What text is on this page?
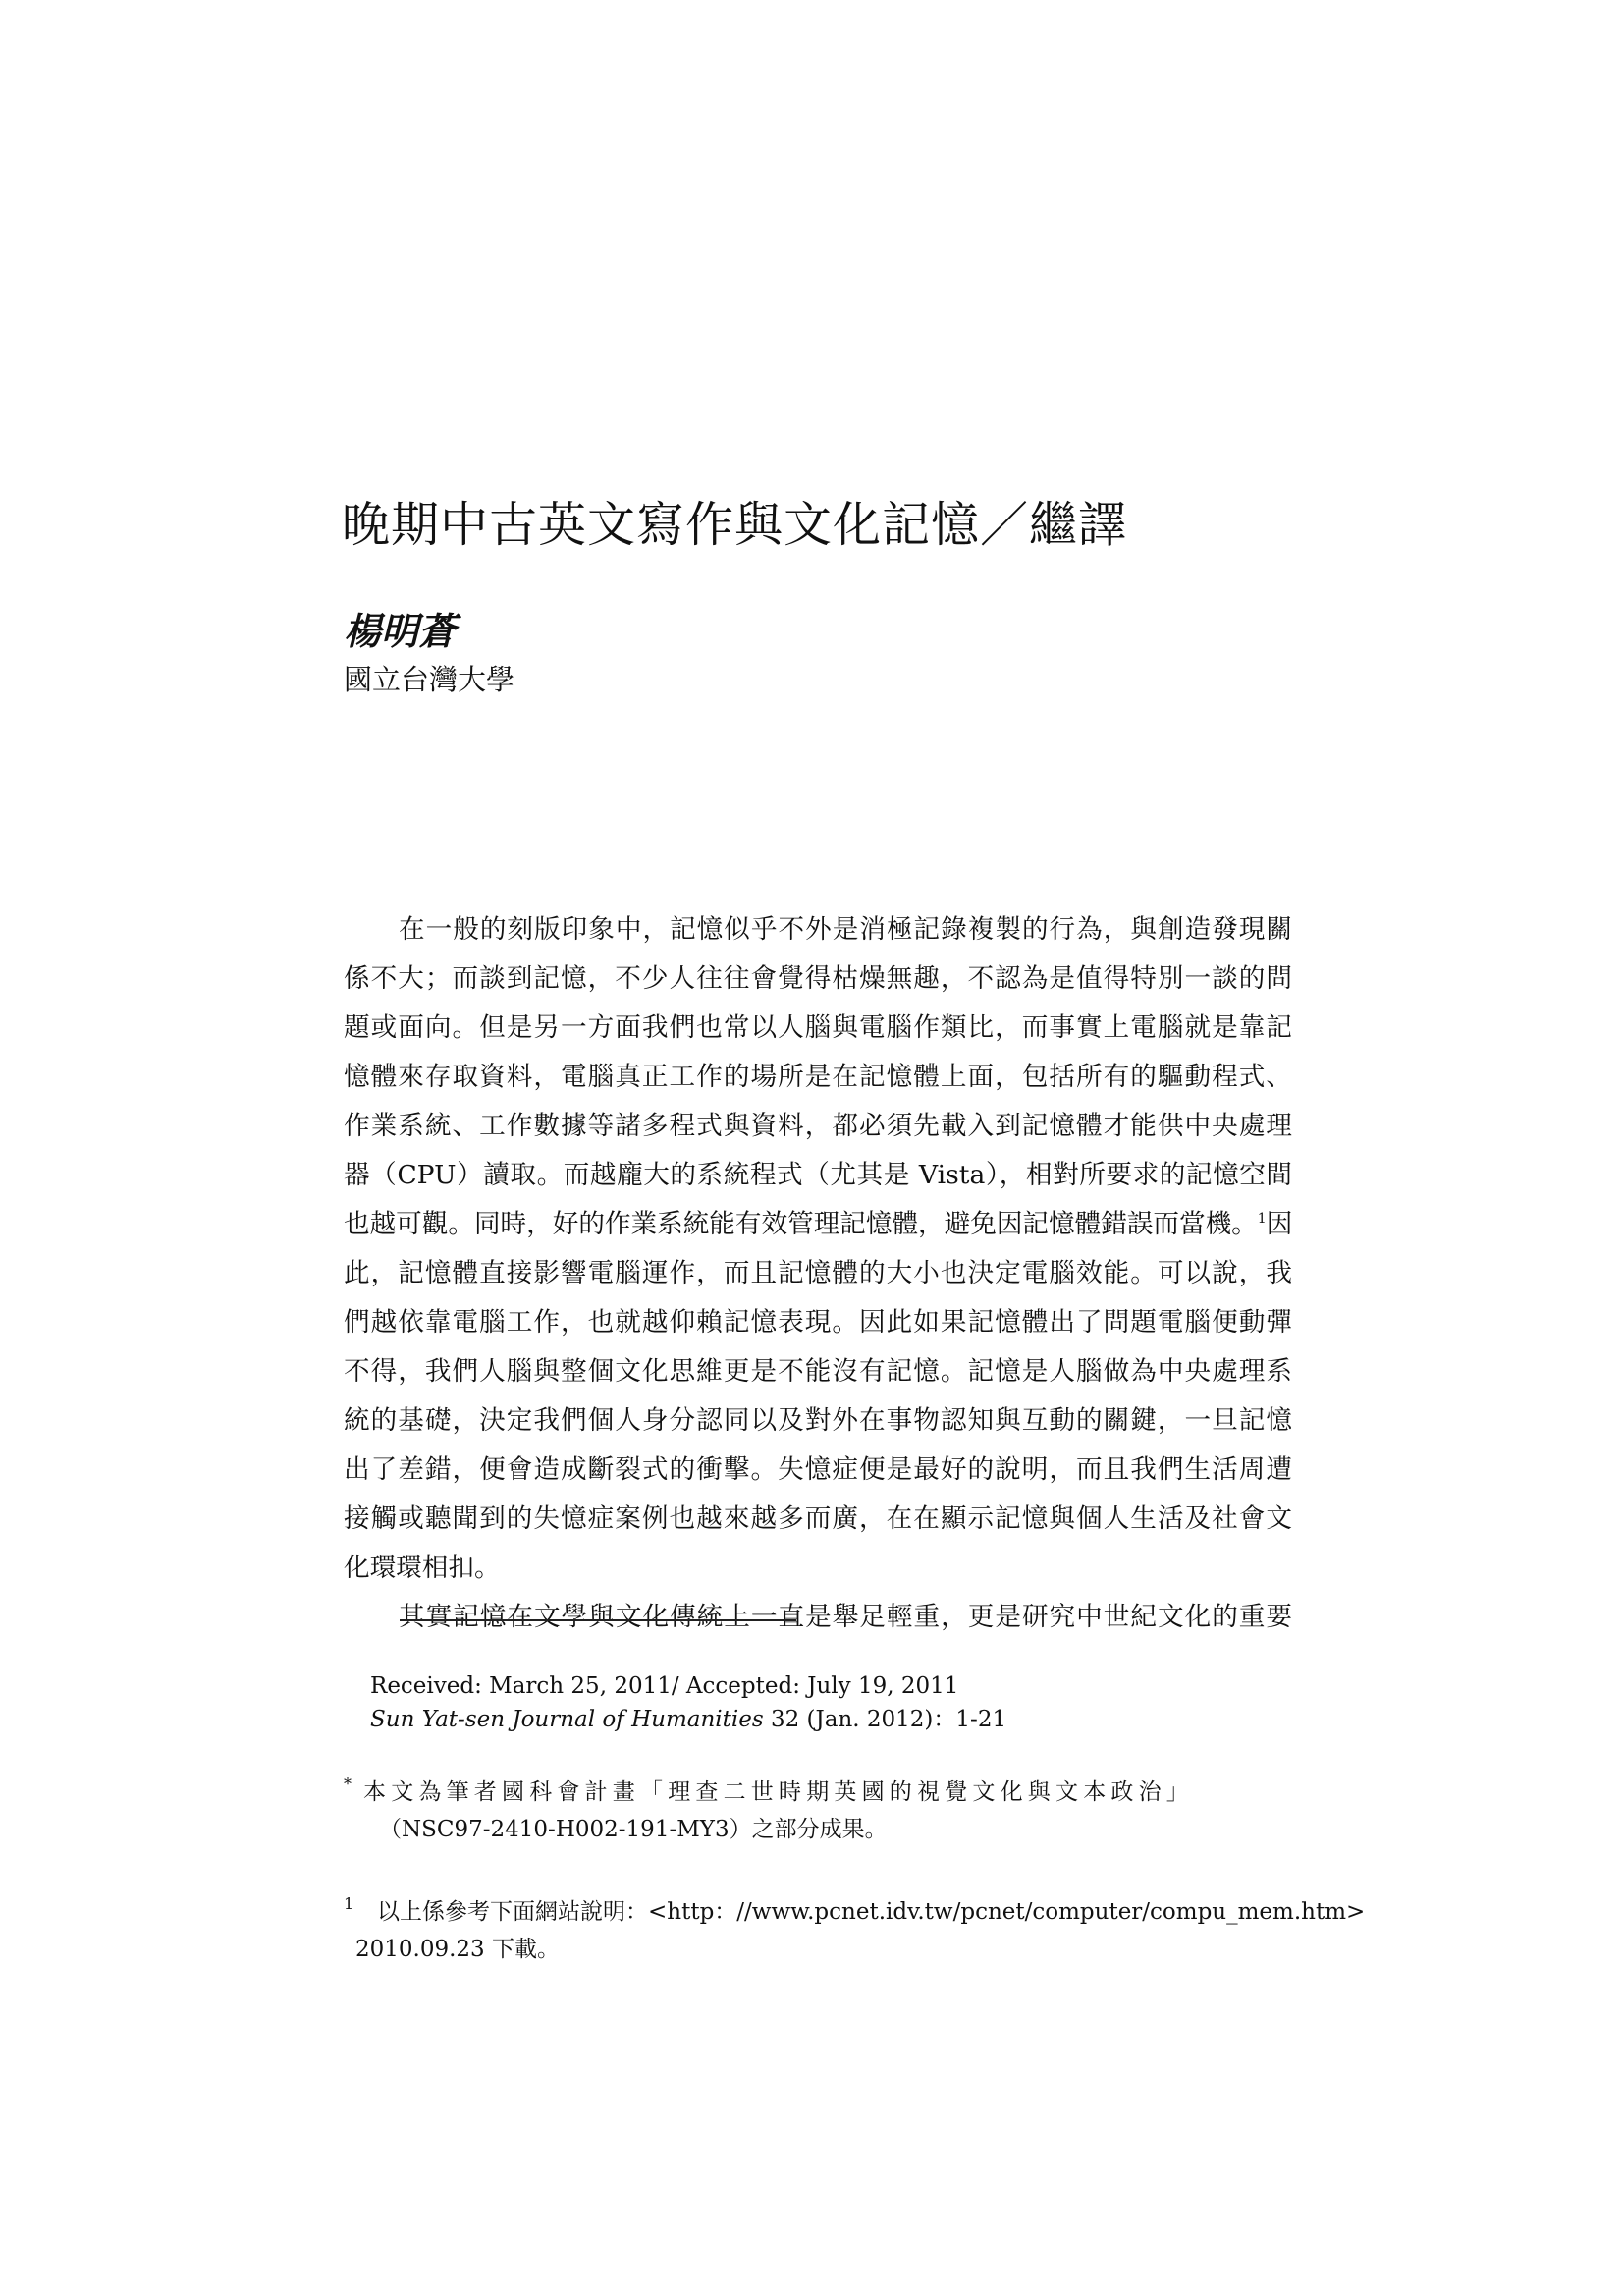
晚期中古英文寫作與文化記憶／繼譯
楊明蒼
國立台灣大學
在一般的刻版印象中，記憶似乎不外是消極記錄複製的行為，與創造發現關
係不大；而談到記憶，不少人往往會覺得枯燥無趣，不認為是值得特別一談的問
題或面向。但是另一方面我們也常以人腦與電腦作類比，而事實上電腦就是靠記
憶體來存取資料，電腦真正工作的場所是在記憶體上面，包括所有的驅動程式、
作業系統、工作數據等諸多程式與資料，都必須先載入到記憶體才能供中央處理
器（CPU）讀取。而越龐大的系統程式（尤其是 Vista），相對所要求的記憶空間
也越可觀。同時，好的作業系統能有效管理記憶體，避免因記憶體錯誤而當機。$^1$因
此，記憶體直接影響電腦運作，而且記憶體的大小也決定電腦效能。可以說，我
們越依靠電腦工作，也就越仰賴記憶表現。因此如果記憶體出了問題電腦便動彈
不得，我們人腦與整個文化思維更是不能沒有記憶。記憶是人腦做為中央處理系
統的基礎，決定我們個人身分認同以及對外在事物認知與互動的關鍵，一旦記憶
出了差錯，便會造成斷裂式的衝擊。失憶症便是最好的說明，而且我們生活周遭
接觸或聽聞到的失憶症案例也越來越多而廣，在在顯示記憶與個人生活及社會文
化環環相扣。
其實記憶在文學與文化傳統上一直是舉足輕重，更是研究中世紀文化的重要
Received: March 25, 2011/ Accepted: July 19, 2011
Sun Yat-sen Journal of Humanities 32 (Jan. 2012)：1-21
* 本文為筆者國科會計畫「理查二世時期英國的視覺文化與文本政治」
（NSC97-2410-H002-191-MY3）之部分成果。
1 以上係參考下面網站說明：<http：//www.pcnet.idv.tw/pcnet/computer/compu_mem.htm>
2010.09.23 下載。
